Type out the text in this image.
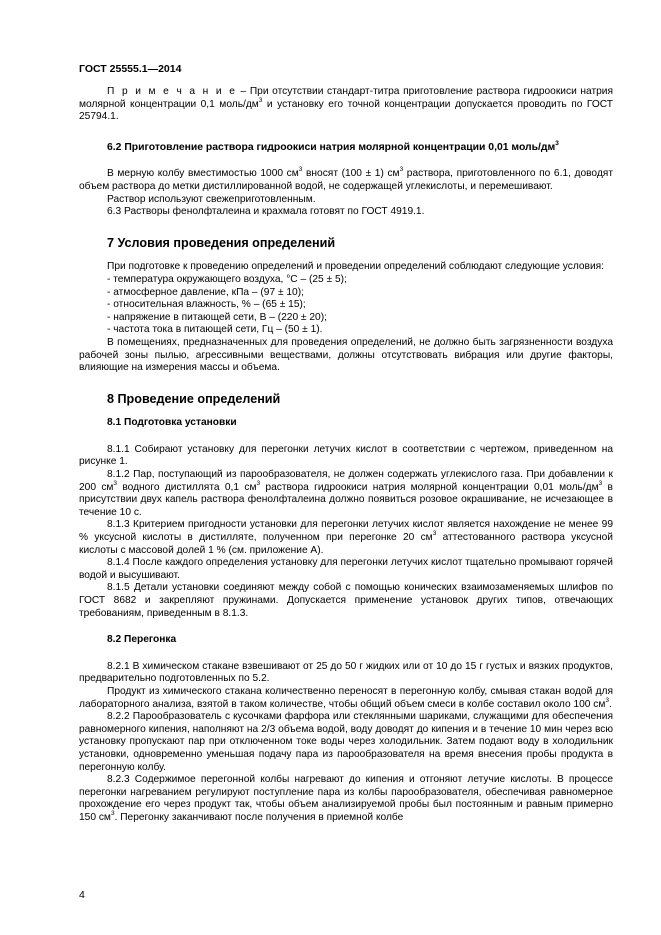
ГОСТ 25555.1—2014

П р и м е ч а н и е – При отсутствии стандарт-титра приготовление раствора гидроокиси натрия молярной концентрации 0,1 моль/$дм^3$ и установку его точной концентрации допускается проводить по ГОСТ 25794.1.

6.2 Приготовление раствора гидроокиси натрия молярной концентрации 0,01 моль/$дм^3$

В мерную колбу вместимостью 1000 $см^3$ вносят (100 ± 1) $см^3$ раствора, приготовленного по 6.1, доводят объем раствора до метки дистиллированной водой, не содержащей углекислоты, и перемешивают.

Раствор используют свежеприготовленным.

6.3 Растворы фенолфталеина и крахмала готовят по ГОСТ 4919.1.

7 Условия проведения определений

При подготовке к проведению определений и проведении определений соблюдают следующие условия:

- температура окружающего воздуха, °С – (25 ± 5);

- атмосферное давление, кПа – (97 ± 10);

- относительная влажность, % – (65 ± 15);

- напряжение в питающей сети, В – (220 ± 20);

- частота тока в питающей сети, Гц – (50 ± 1).

В помещениях, предназначенных для проведения определений, не должно быть загрязненности воздуха рабочей зоны пылью, агрессивными веществами, должны отсутствовать вибрация или другие факторы, влияющие на измерения массы и объема.

8 Проведение определений
8.1 Подготовка установки

8.1.1 Собирают установку для перегонки летучих кислот в соответствии с чертежом, приведенном на рисунке 1.

8.1.2 Пар, поступающий из парообразователя, не должен содержать углекислого газа. При добавлении к 200 $см^3$ водного дистиллята 0,1 $см^3$ раствора гидроокиси натрия молярной концентрации 0,01 моль/$дм^3$ в присутствии двух капель раствора фенолфталеина должно появиться розовое окрашивание, не исчезающее в течение 10 с.

8.1.3 Критерием пригодности установки для перегонки летучих кислот является нахождение не менее 99 % уксусной кислоты в дистилляте, полученном при перегонке 20 $см^3$ аттестованного раствора уксусной кислоты с массовой долей 1 % (см. приложение А).

8.1.4 После каждого определения установку для перегонки летучих кислот тщательно промывают горячей водой и высушивают.

8.1.5 Детали установки соединяют между собой с помощью конических взаимозаменяемых шлифов по ГОСТ 8682 и закрепляют пружинами. Допускается применение установок других типов, отвечающих требованиям, приведенным в 8.1.3.

8.2 Перегонка

8.2.1 В химическом стакане взвешивают от 25 до 50 г жидких или от 10 до 15 г густых и вязких продуктов, предварительно подготовленных по 5.2.

Продукт из химического стакана количественно переносят в перегонную колбу, смывая стакан водой для лабораторного анализа, взятой в таком количестве, чтобы общий объем смеси в колбе составил около 100 $см^3$.

8.2.2 Парообразователь с кусочками фарфора или стеклянными шариками, служащими для обеспечения равномерного кипения, наполняют на 2/3 объема водой, воду доводят до кипения и в течение 10 мин через всю установку пропускают пар при отключенном токе воды через холодильник. Затем подают воду в холодильник установки, одновременно уменьшая подачу пара из парообразователя на время внесения пробы продукта в перегонную колбу.

8.2.3 Содержимое перегонной колбы нагревают до кипения и отгоняют летучие кислоты. В процессе перегонки нагреванием регулируют поступление пара из колбы парообразователя, обеспечивая равномерное прохождение его через продукт так, чтобы объем анализируемой пробы был постоянным и равным примерно 150 $см^3$. Перегонку заканчивают после получения в приемной колбе

4
